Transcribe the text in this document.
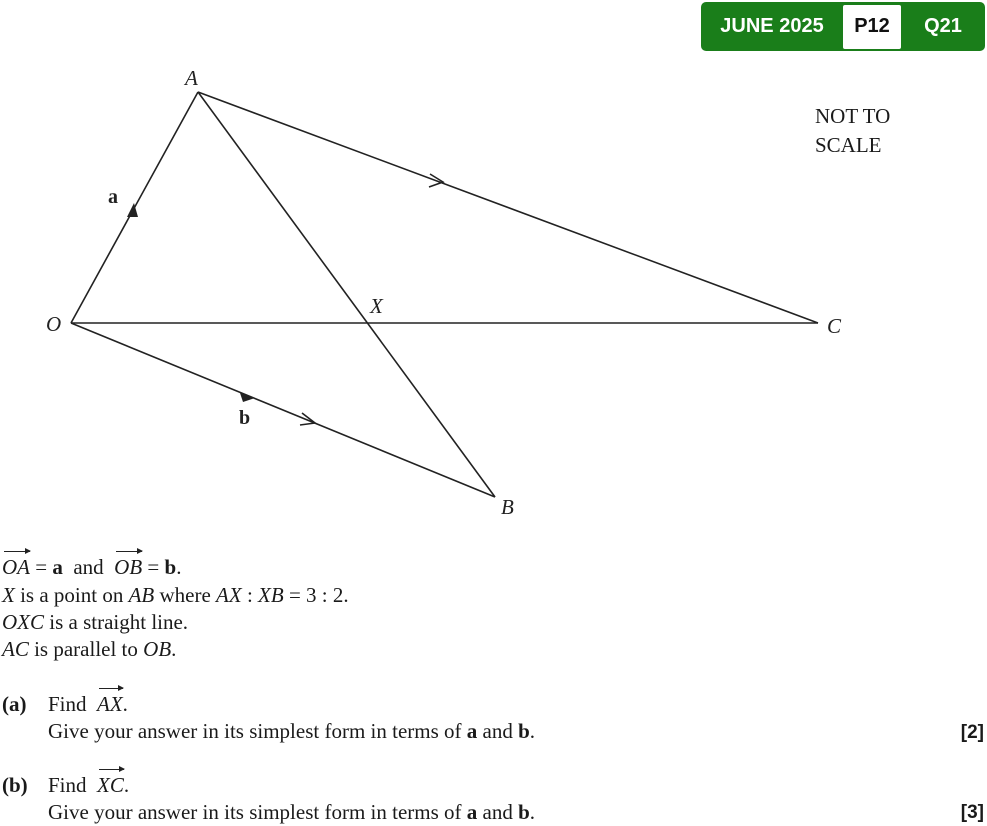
JUNE 2025	P12	Q21
A
O
X
C
B
a
b
NOT TO
SCALE
OA = a  and  OB = b.
X is a point on AB where AX : XB = 3 : 2.
OXC is a straight line.
AC is parallel to OB.
(a) Find  AX.
Give your answer in its simplest form in terms of a and b.	[2]
(b) Find  XC.
Give your answer in its simplest form in terms of a and b.	[3]
